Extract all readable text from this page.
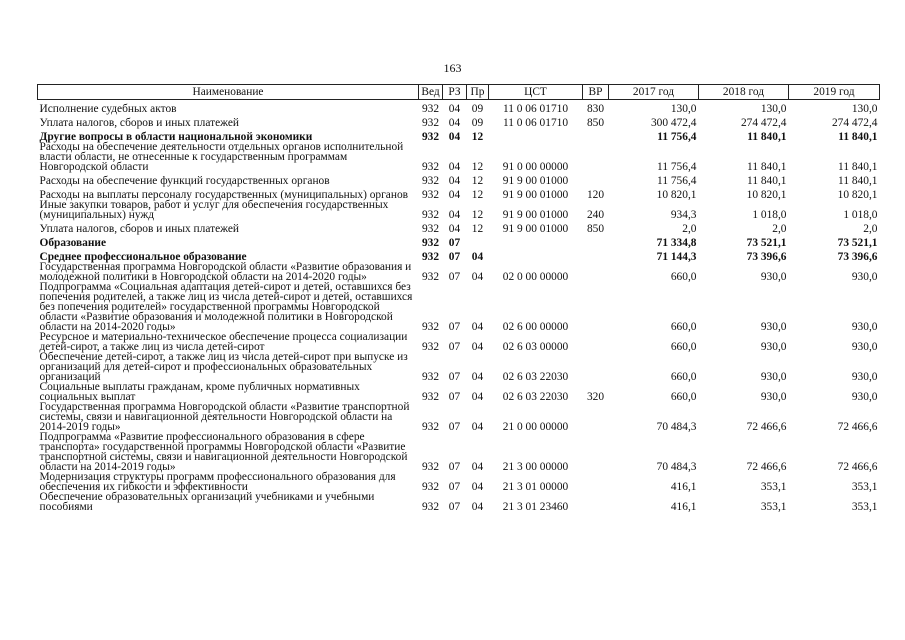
163
Наименование	Вед	РЗ	Пр	ЦСТ	ВР	2017 год	2018 год	2019 год
Исполнение судебных актов	932	04	09	11 0 06 01710	830	130,0	130,0	130,0
Уплата налогов, сборов и иных платежей	932	04	09	11 0 06 01710	850	300 472,4	274 472,4	274 472,4
Другие вопросы в области национальной экономики	932	04	12			11 756,4	11 840,1	11 840,1
Расходы на обеспечение деятельности отдельных органов исполнительной власти области, не отнесенные к государственным программам Новгородской области	932	04	12	91 0 00 00000		11 756,4	11 840,1	11 840,1
Расходы на обеспечение функций государственных органов	932	04	12	91 9 00 01000		11 756,4	11 840,1	11 840,1
Расходы на выплаты персоналу государственных (муниципальных) органов	932	04	12	91 9 00 01000	120	10 820,1	10 820,1	10 820,1
Иные закупки товаров, работ и услуг для обеспечения государственных (муниципальных) нужд	932	04	12	91 9 00 01000	240	934,3	1 018,0	1 018,0
Уплата налогов, сборов и иных платежей	932	04	12	91 9 00 01000	850	2,0	2,0	2,0
Образование	932	07				71 334,8	73 521,1	73 521,1
Среднее профессиональное образование	932	07	04			71 144,3	73 396,6	73 396,6
Государственная программа Новгородской области «Развитие образования и молодежной политики в Новгородской области на 2014-2020 годы»	932	07	04	02 0 00 00000		660,0	930,0	930,0
Подпрограмма «Социальная адаптация детей-сирот и детей, оставшихся без попечения родителей, а также лиц из числа детей-сирот и детей, оставшихся без попечения родителей» государственной программы Новгородской области «Развитие образования и молодежной политики в Новгородской области на 2014-2020 годы»	932	07	04	02 6 00 00000		660,0	930,0	930,0
Ресурсное и материально-техническое обеспечение процесса социализации детей-сирот, а также лиц из числа детей-сирот	932	07	04	02 6 03 00000		660,0	930,0	930,0
Обеспечение детей-сирот, а также лиц из числа детей-сирот при выпуске из организаций для детей-сирот и профессиональных образовательных организаций	932	07	04	02 6 03 22030		660,0	930,0	930,0
Социальные выплаты гражданам, кроме публичных нормативных социальных выплат	932	07	04	02 6 03 22030	320	660,0	930,0	930,0
Государственная программа Новгородской области «Развитие транспортной системы, связи и навигационной деятельности Новгородской области на 2014-2019 годы»	932	07	04	21 0 00 00000		70 484,3	72 466,6	72 466,6
Подпрограмма «Развитие профессионального образования в сфере транспорта» государственной программы Новгородской области «Развитие транспортной системы, связи и навигационной деятельности Новгородской области на 2014-2019 годы»	932	07	04	21 3 00 00000		70 484,3	72 466,6	72 466,6
Модернизация структуры программ профессионального образования для обеспечения их гибкости и эффективности	932	07	04	21 3 01 00000		416,1	353,1	353,1
Обеспечение образовательных организаций учебниками и учебными пособиями	932	07	04	21 3 01 23460		416,1	353,1	353,1
